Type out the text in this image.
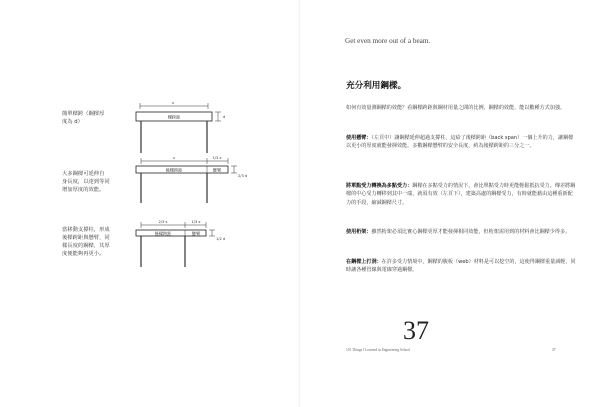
簡單樑跨（鋼樑厚
度為 d）
x
d
樑跨距
x	1/3 x
2/3 d
後樑跨距	懸臂
2/3 x	1/3 x
1/2 d
後樑跨距	懸臂
大多鋼樑可延伸自
身長度，以達到等同
增加厚度的效能。
當移動支撐柱，形成
後樑跨距與懸臂，同
樣長度的鋼樑，其厚
度便能夠再更小。
Get even more out of a beam.
充分利用鋼樑。

如何有效量測鋼樑的效能？看鋼樑跨距與鋼材用量之間的比例，鋼樑的效能，能以數種方式加強。

使用懸臂：（左頁中）讓鋼樑延伸超過支撐柱，這給了後樑跨距（back span）一個上升的力，讓鋼樑以更小的厚度就能發揮效能。多數鋼樑懸臂的安全長度，約為後樑跨距的三分之一。

將單點受力轉換為多點受力：鋼樑在多點受力的情況下，會比單點受力時更能輕鬆抵抗受力。傳差將鋼樑的中心受力轉移到其中一端，就須有效（左頁下），建築高處的鋼樑受力，有時就能藉由這種重新配力的手段，縮減鋼樑尺寸。

使用桁架：雖然桁架必須比實心鋼樑更厚才能發揮相同效能，但桁架需用到的材料會比鋼樑少得多。

在鋼樑上打洞：在許多受力情境中，鋼樑的腹板（web）材料是可以挖空的，這使得鋼樑重量減輕，同時讓各種管線與電線穿過鋼樑。

101 Things I Learned in Engineering School
37
37
